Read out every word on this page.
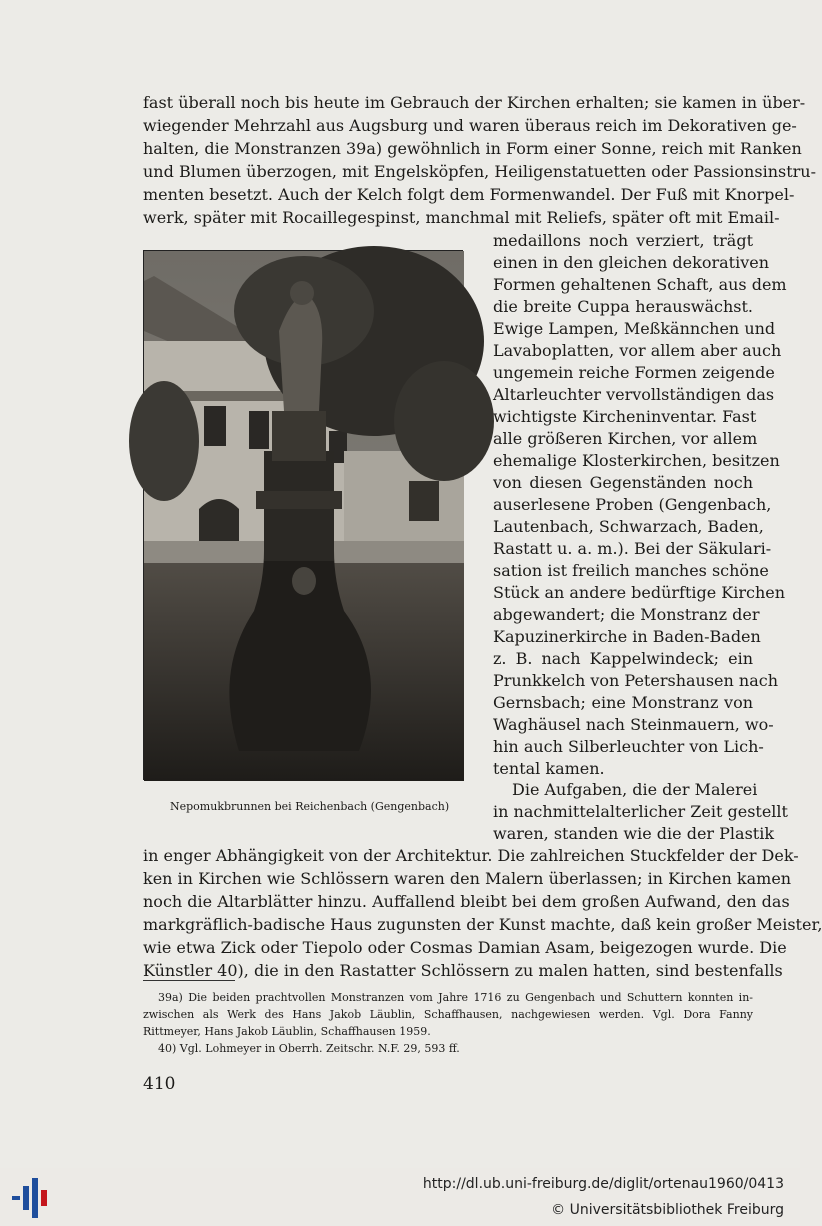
fast überall noch bis heute im Gebrauch der Kirchen erhalten; sie kamen in über-
wiegender Mehrzahl aus Augsburg und waren überaus reich im Dekorativen ge-
halten, die Monstranzen 39a) gewöhnlich in Form einer Sonne, reich mit Ranken
und Blumen überzogen, mit Engelsköpfen, Heiligenstatuetten oder Passionsinstru-
menten besetzt. Auch der Kelch folgt dem Formenwandel. Der Fuß mit Knorpel-
werk, später mit Rocaillegespinst, manchmal mit Reliefs, später oft mit Email-
medaillons noch verziert, trägt
einen in den gleichen dekorativen
Formen gehaltenen Schaft, aus dem
die breite Cuppa herauswächst.
Ewige Lampen, Meßkännchen und
Lavaboplatten, vor allem aber auch
ungemein reiche Formen zeigende
Altarleuchter vervollständigen das
wichtigste Kircheninventar. Fast
alle größeren Kirchen, vor allem
ehemalige Klosterkirchen, besitzen
von diesen Gegenständen noch
auserlesene Proben (Gengenbach,
Lautenbach, Schwarzach, Baden,
Rastatt u. a. m.). Bei der Säkulari-
sation ist freilich manches schöne
Stück an andere bedürftige Kirchen
abgewandert; die Monstranz der
Kapuzinerkirche in Baden-Baden
z. B. nach Kappelwindeck; ein
Prunkkelch von Petershausen nach
Gernsbach; eine Monstranz von
Waghäusel nach Steinmauern, wo-
hin auch Silberleuchter von Lich-
tental kamen.
Die Aufgaben, die der Malerei
in nachmittelalterlicher Zeit gestellt
waren, standen wie die der Plastik
Nepomukbrunnen bei Reichenbach (Gengenbach)
in enger Abhängigkeit von der Architektur. Die zahlreichen Stuckfelder der Dek-
ken in Kirchen wie Schlössern waren den Malern überlassen; in Kirchen kamen
noch die Altarblätter hinzu. Auffallend bleibt bei dem großen Aufwand, den das
markgräflich-badische Haus zugunsten der Kunst machte, daß kein großer Meister,
wie etwa Zick oder Tiepolo oder Cosmas Damian Asam, beigezogen wurde. Die
Künstler 40), die in den Rastatter Schlössern zu malen hatten, sind bestenfalls
39a) Die beiden prachtvollen Monstranzen vom Jahre 1716 zu Gengenbach und Schuttern konnten in-
zwischen als Werk des Hans Jakob Läublin, Schaffhausen, nachgewiesen werden. Vgl. Dora Fanny
Rittmeyer, Hans Jakob Läublin, Schaffhausen 1959.
40) Vgl. Lohmeyer in Oberrh. Zeitschr. N.F. 29, 593 ff.
410
http://dl.ub.uni-freiburg.de/diglit/ortenau1960/0413
© Universitätsbibliothek Freiburg
